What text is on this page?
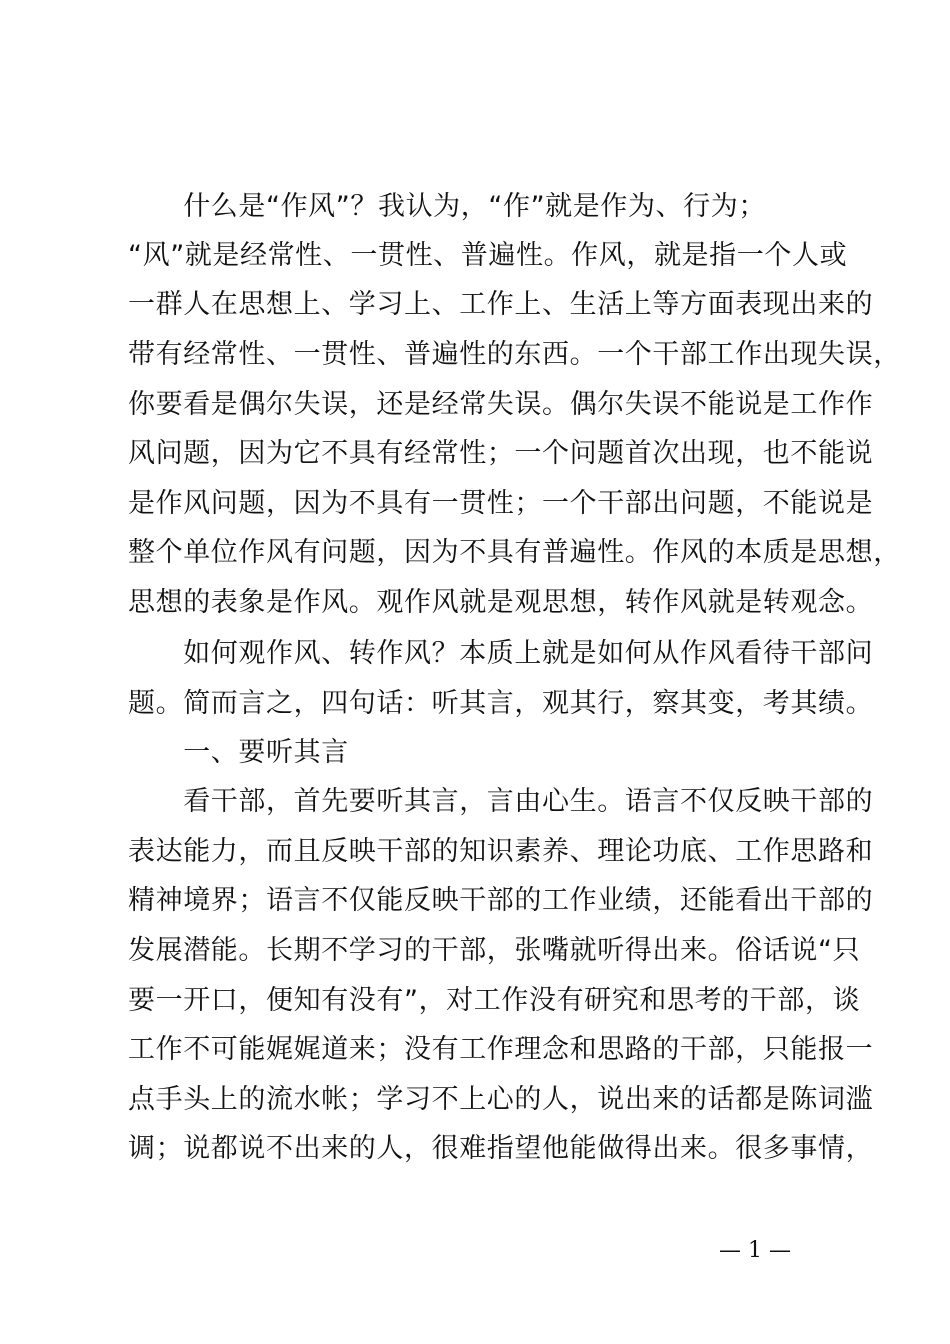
　　什么是“作风”？我认为，“作”就是作为、行为；
“风”就是经常性、一贯性、普遍性。作风，就是指一个人或
一群人在思想上、学习上、工作上、生活上等方面表现出来的
带有经常性、一贯性、普遍性的东西。一个干部工作出现失误，
你要看是偶尔失误，还是经常失误。偶尔失误不能说是工作作
风问题，因为它不具有经常性；一个问题首次出现，也不能说
是作风问题，因为不具有一贯性；一个干部出问题，不能说是
整个单位作风有问题，因为不具有普遍性。作风的本质是思想，
思想的表象是作风。观作风就是观思想，转作风就是转观念。
　　如何观作风、转作风？本质上就是如何从作风看待干部问
题。简而言之，四句话：听其言，观其行，察其变，考其绩。
　　一、要听其言
　　看干部，首先要听其言，言由心生。语言不仅反映干部的
表达能力，而且反映干部的知识素养、理论功底、工作思路和
精神境界；语言不仅能反映干部的工作业绩，还能看出干部的
发展潜能。长期不学习的干部，张嘴就听得出来。俗话说“只
要一开口，便知有没有”，对工作没有研究和思考的干部，谈
工作不可能娓娓道来；没有工作理念和思路的干部，只能报一
点手头上的流水帐；学习不上心的人，说出来的话都是陈词滥
调；说都说不出来的人，很难指望他能做得出来。很多事情，
— 1 —
